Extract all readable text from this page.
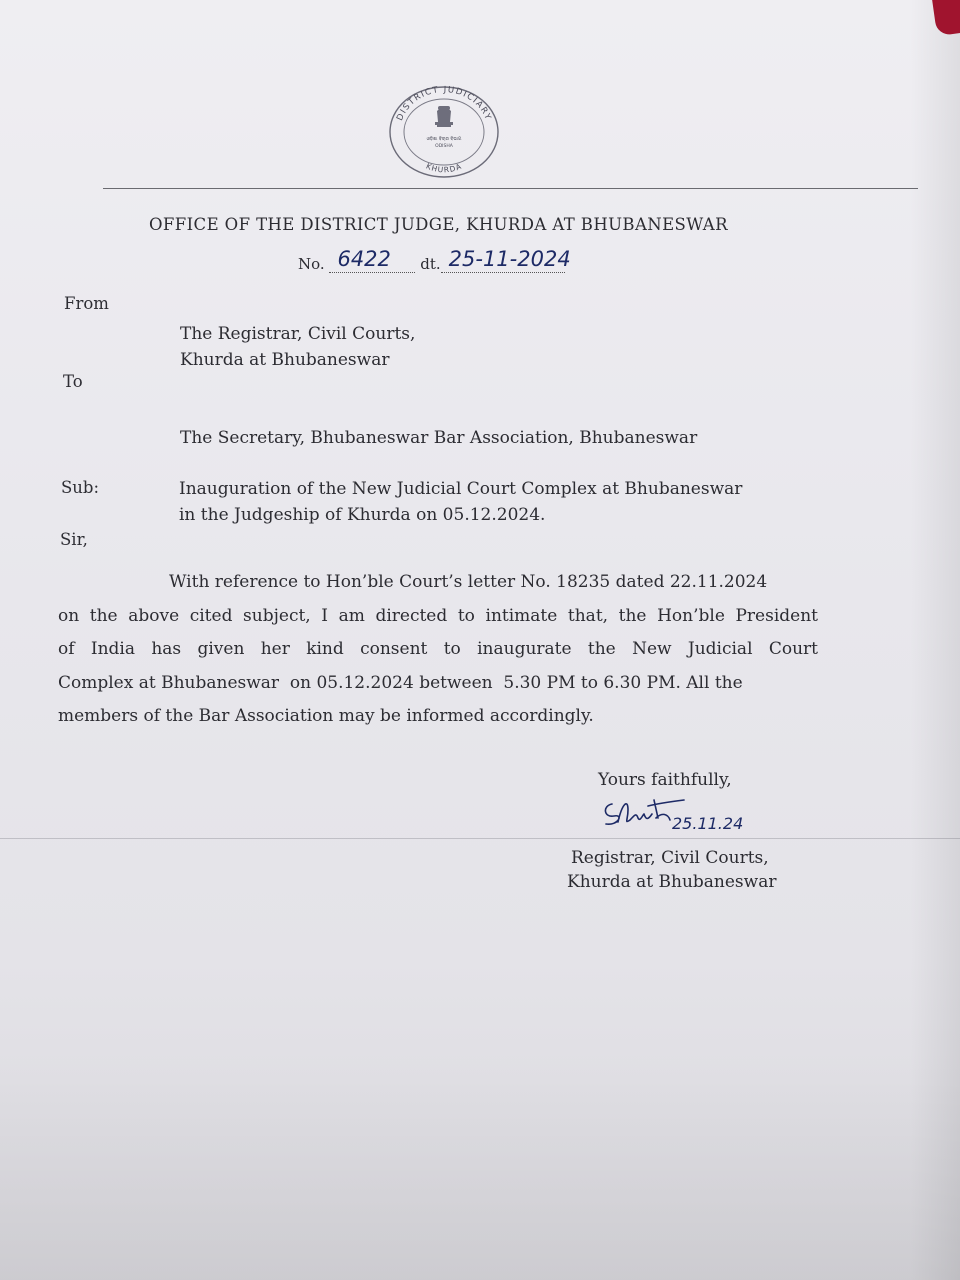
DISTRICT JUDICIARY
KHURDA
ଓଡ଼ିଶା ବିଚାର ବିଭାଗ
ODISHA
OFFICE OF THE DISTRICT JUDGE, KHURDA AT BHUBANESWAR
No. 6422 dt. 25-11-2024
From
The Registrar, Civil Courts,
Khurda at Bhubaneswar
To
The Secretary, Bhubaneswar Bar Association, Bhubaneswar
Sub:	Inauguration of the New Judicial Court Complex at Bhubaneswar
in the Judgeship of Khurda on 05.12.2024.
Sir,
With reference to Hon’ble Court’s letter No. 18235 dated 22.11.2024
on the above cited subject, I am directed to intimate that, the Hon’ble President
of India has given her kind consent to inaugurate the New Judicial Court
Complex at Bhubaneswar  on 05.12.2024 between  5.30 PM to 6.30 PM. All the
members of the Bar Association may be informed accordingly.
Yours faithfully,
25.11.24
Registrar, Civil Courts,
Khurda at Bhubaneswar
